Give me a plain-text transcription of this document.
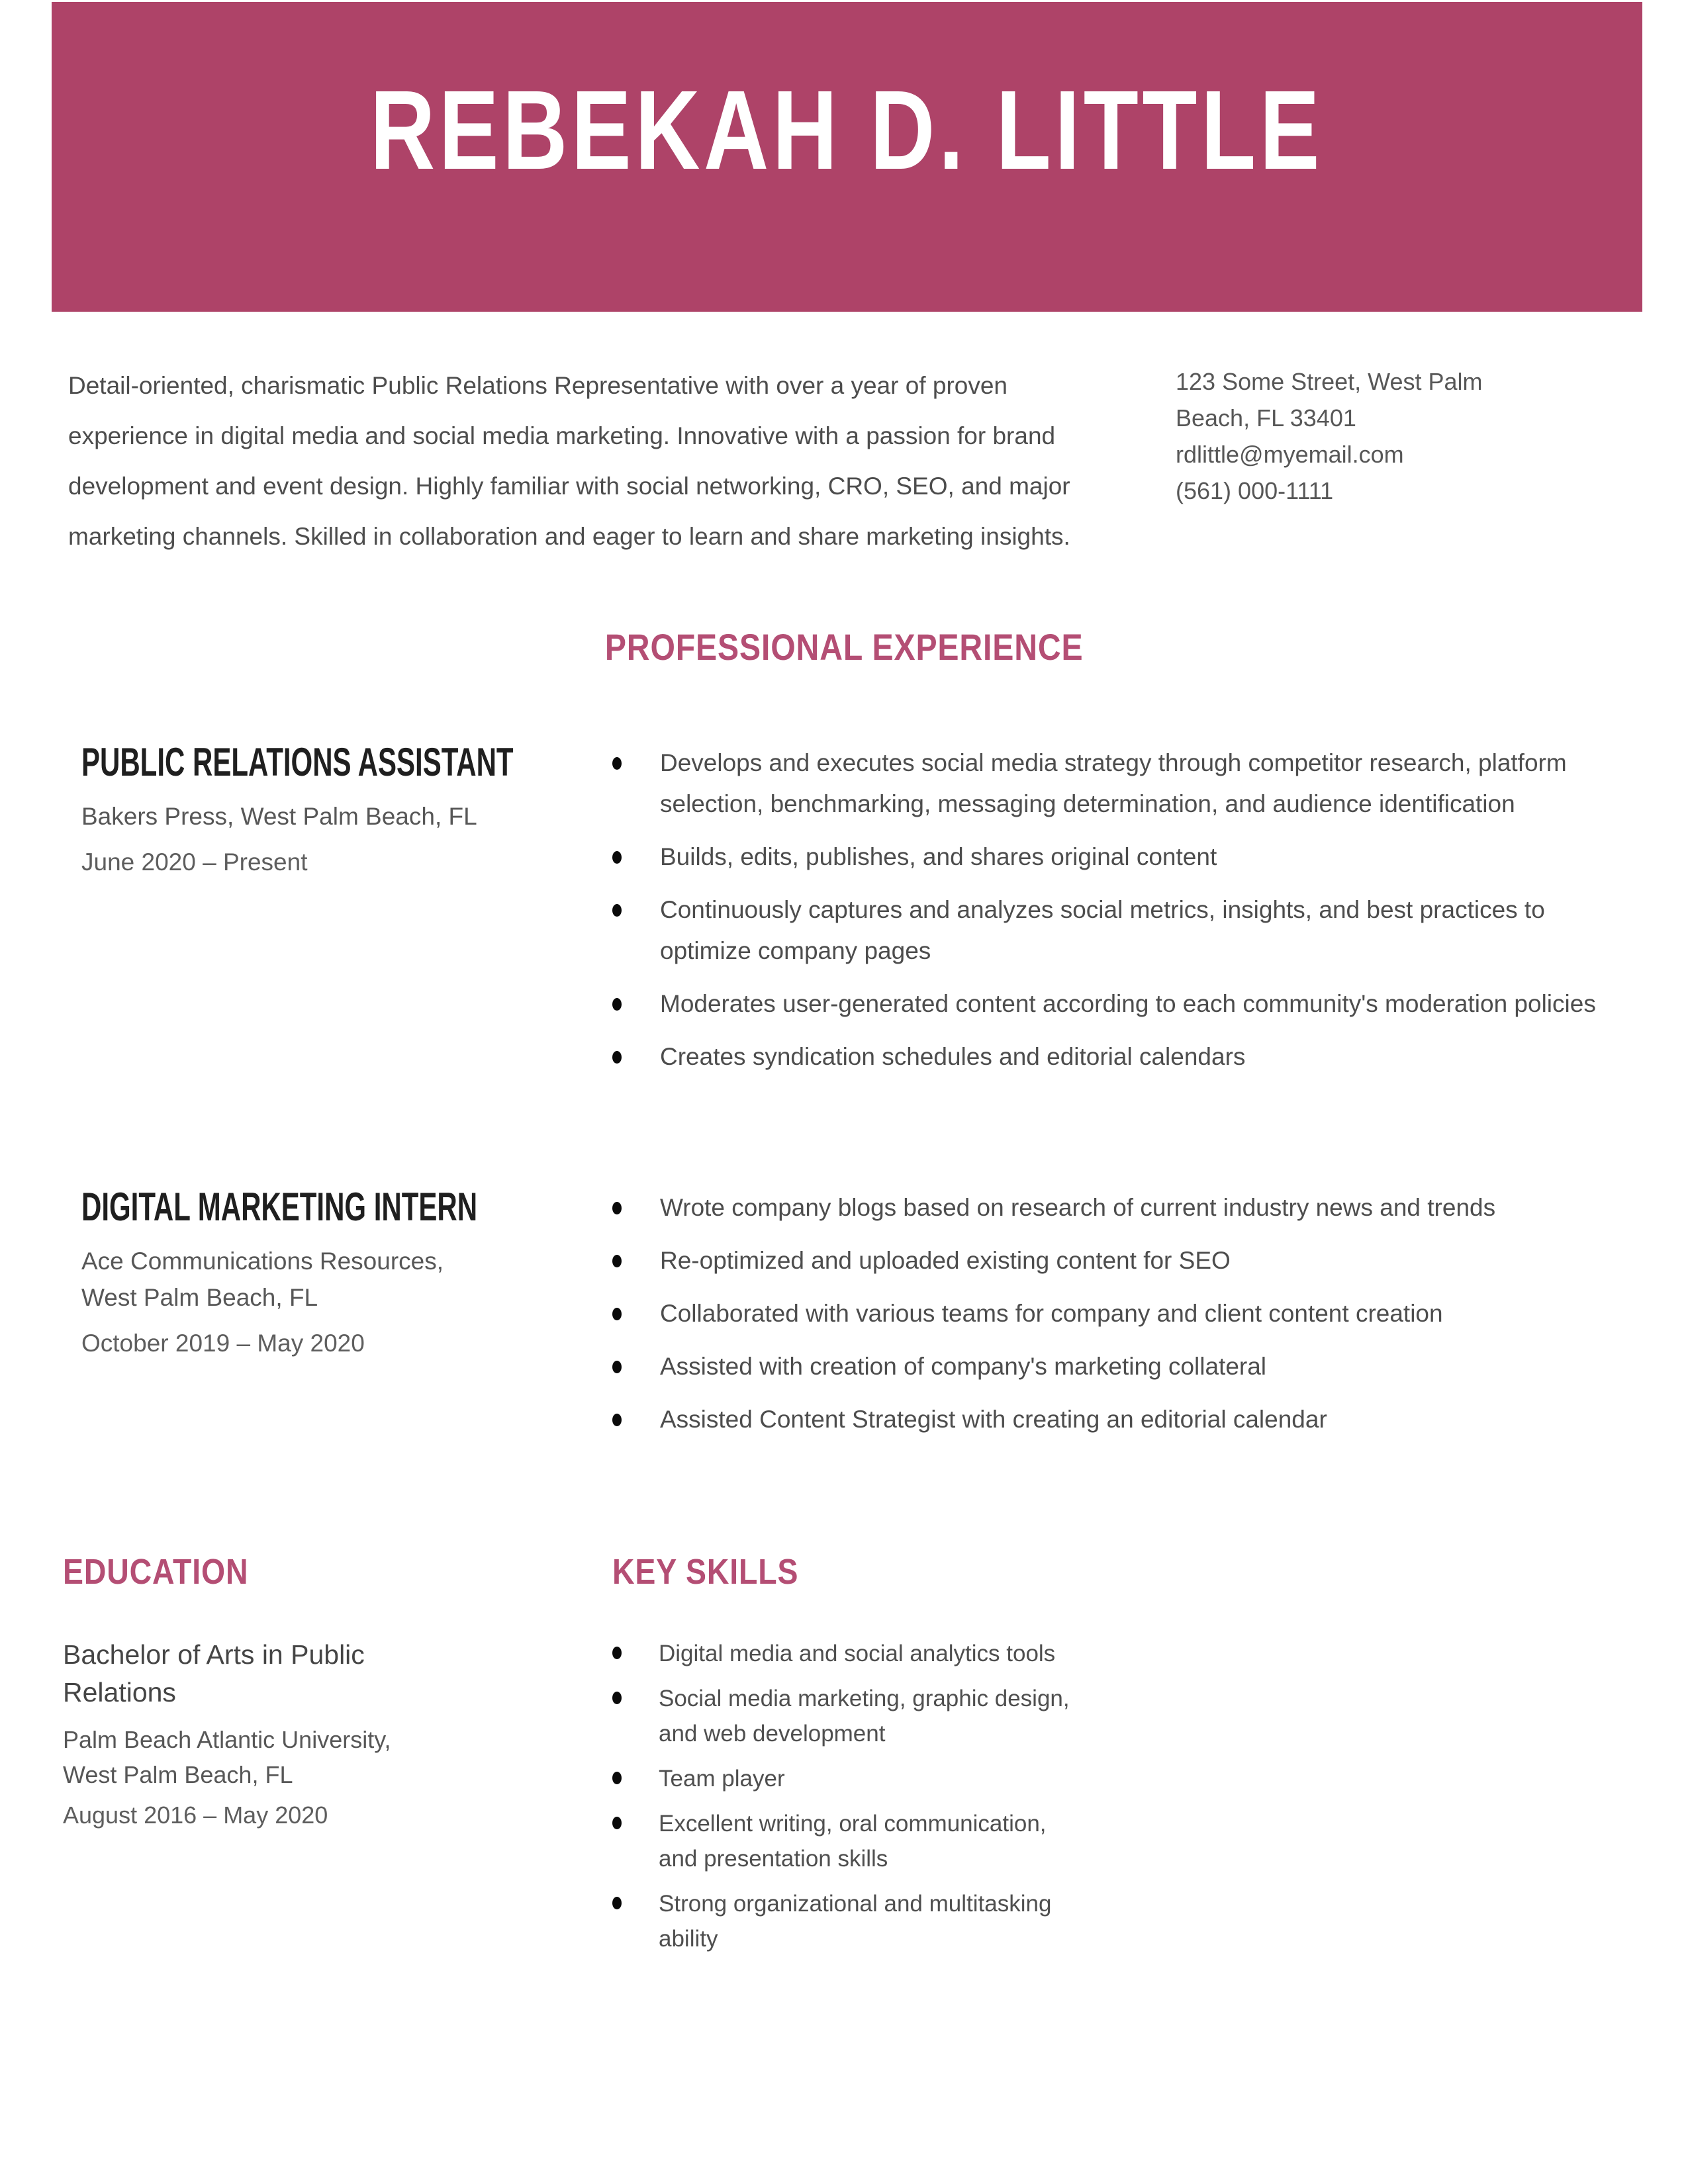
REBEKAH D. LITTLE

Detail-oriented, charismatic Public Relations Representative with over a year of proven experience in digital media and social media marketing. Innovative with a passion for brand development and event design. Highly familiar with social networking, CRO, SEO, and major marketing channels. Skilled in collaboration and eager to learn and share marketing insights.

123 Some Street, West Palm
Beach, FL 33401
rdlittle@myemail.com
(561) 000-1111
PROFESSIONAL EXPERIENCE
PUBLIC RELATIONS ASSISTANT

Bakers Press, West Palm Beach, FL

June 2020 – Present

Develops and executes social media strategy through competitor research, platform selection, benchmarking, messaging determination, and audience identification
Builds, edits, publishes, and shares original content
Continuously captures and analyzes social metrics, insights, and best practices to optimize company pages
Moderates user-generated content according to each community's moderation policies
Creates syndication schedules and editorial calendars
DIGITAL MARKETING INTERN

Ace Communications Resources, West Palm Beach, FL

October 2019 – May 2020

Wrote company blogs based on research of current industry news and trends
Re-optimized and uploaded existing content for SEO
Collaborated with various teams for company and client content creation
Assisted with creation of company's marketing collateral
Assisted Content Strategist with creating an editorial calendar
EDUCATION

Bachelor of Arts in Public Relations

Palm Beach Atlantic University, West Palm Beach, FL

August 2016 – May 2020

KEY SKILLS
Digital media and social analytics tools
Social media marketing, graphic design, and web development
Team player
Excellent writing, oral communication, and presentation skills
Strong organizational and multitasking ability
